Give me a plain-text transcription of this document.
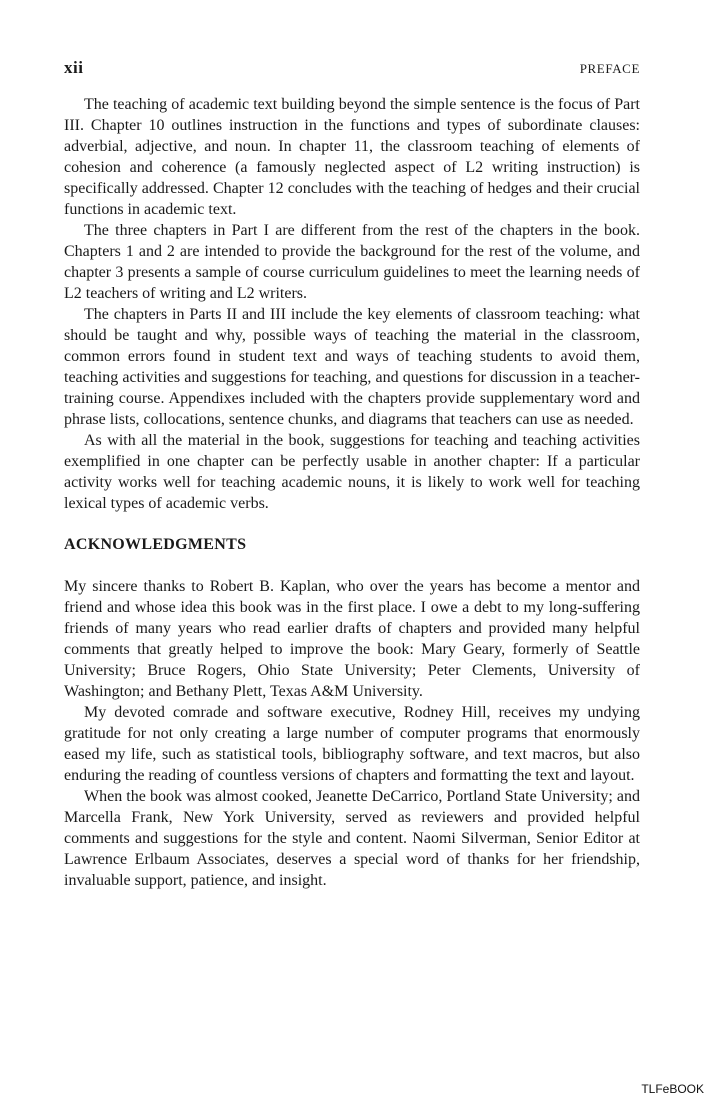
xii	PREFACE

The teaching of academic text building beyond the simple sentence is the focus of Part III. Chapter 10 outlines instruction in the functions and types of subordinate clauses: adverbial, adjective, and noun. In chapter 11, the classroom teaching of elements of cohesion and coherence (a famously neglected aspect of L2 writing instruction) is specifically addressed. Chapter 12 concludes with the teaching of hedges and their crucial functions in academic text.

The three chapters in Part I are different from the rest of the chapters in the book. Chapters 1 and 2 are intended to provide the background for the rest of the volume, and chapter 3 presents a sample of course curriculum guidelines to meet the learning needs of L2 teachers of writing and L2 writers.

The chapters in Parts II and III include the key elements of classroom teaching: what should be taught and why, possible ways of teaching the material in the classroom, common errors found in student text and ways of teaching students to avoid them, teaching activities and suggestions for teaching, and questions for discussion in a teacher-training course. Appendixes included with the chapters provide supplementary word and phrase lists, collocations, sentence chunks, and diagrams that teachers can use as needed.

As with all the material in the book, suggestions for teaching and teaching activities exemplified in one chapter can be perfectly usable in another chapter: If a particular activity works well for teaching academic nouns, it is likely to work well for teaching lexical types of academic verbs.

ACKNOWLEDGMENTS

My sincere thanks to Robert B. Kaplan, who over the years has become a mentor and friend and whose idea this book was in the first place. I owe a debt to my long-suffering friends of many years who read earlier drafts of chapters and provided many helpful comments that greatly helped to improve the book: Mary Geary, formerly of Seattle University; Bruce Rogers, Ohio State University; Peter Clements, University of Washington; and Bethany Plett, Texas A&M University.

My devoted comrade and software executive, Rodney Hill, receives my undying gratitude for not only creating a large number of computer programs that enormously eased my life, such as statistical tools, bibliography software, and text macros, but also enduring the reading of countless versions of chapters and formatting the text and layout.

When the book was almost cooked, Jeanette DeCarrico, Portland State University; and Marcella Frank, New York University, served as reviewers and provided helpful comments and suggestions for the style and content. Naomi Silverman, Senior Editor at Lawrence Erlbaum Associates, deserves a special word of thanks for her friendship, invaluable support, patience, and insight.

TLFeBOOK
